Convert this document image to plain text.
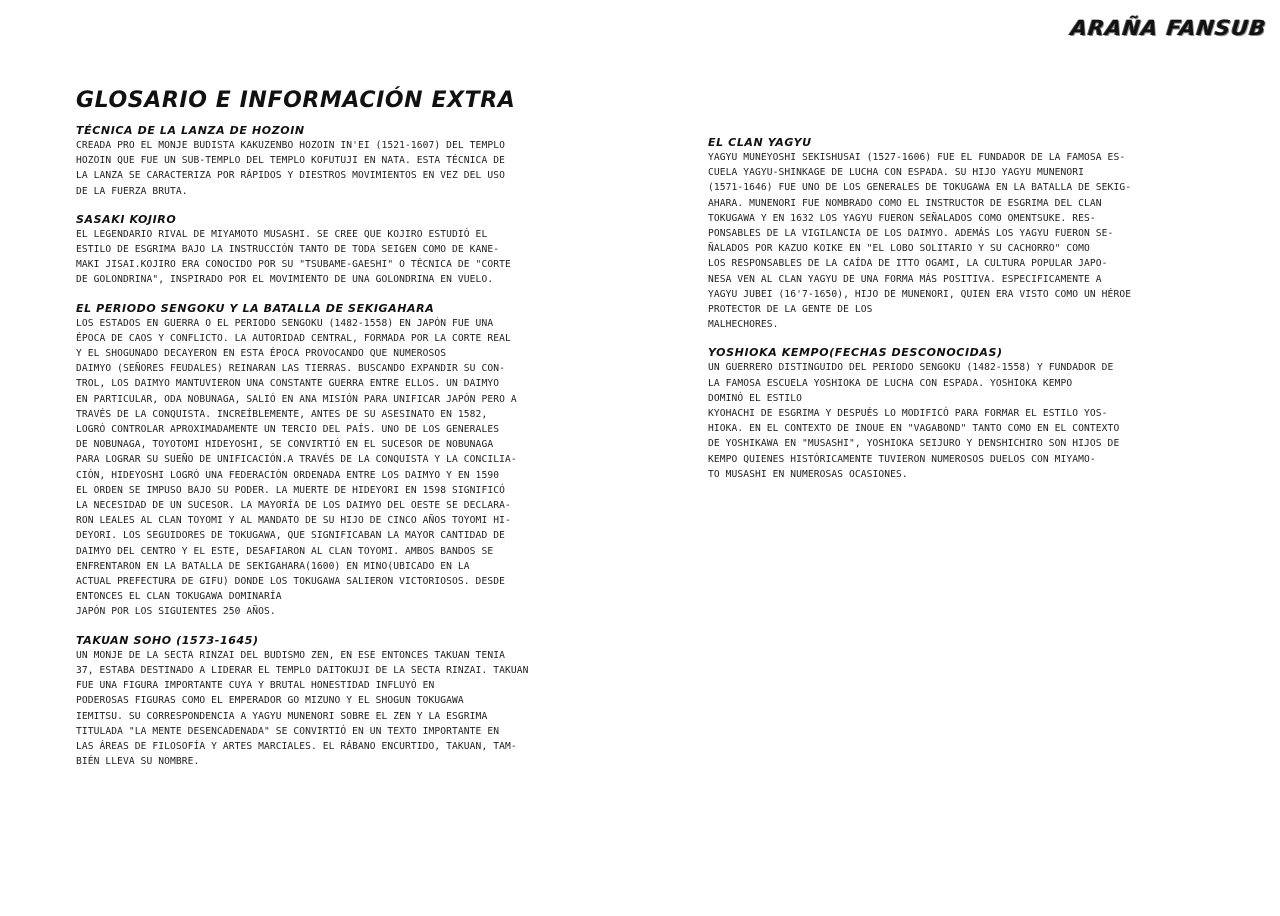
ARAÑA FANSUB
GLOSARIO E INFORMACIÓN EXTRA
TÉCNICA DE LA LANZA DE HOZOIN

CREADA PRO EL MONJE BUDISTA KAKUZENBO HOZOIN IN'EI (1521-1607) DEL TEMPLO
HOZOIN QUE FUE UN SUB-TEMPLO DEL TEMPLO KOFUTUJI EN NATA. ESTA TÉCNICA DE
LA LANZA SE CARACTERIZA POR RÁPIDOS Y DIESTROS MOVIMIENTOS EN VEZ DEL USO
DE LA FUERZA BRUTA.

SASAKI KOJIRO

EL LEGENDARIO RIVAL DE MIYAMOTO MUSASHI. SE CREE QUE KOJIRO ESTUDIÓ EL
ESTILO DE ESGRIMA BAJO LA INSTRUCCIÓN TANTO DE TODA SEIGEN COMO DE KANE-
MAKI JISAI.KOJIRO ERA CONOCIDO POR SU "TSUBAME-GAESHI" O TÉCNICA DE "CORTE
DE GOLONDRINA", INSPIRADO POR EL MOVIMIENTO DE UNA GOLONDRINA EN VUELO.

EL PERIODO SENGOKU Y LA BATALLA DE SEKIGAHARA

LOS ESTADOS EN GUERRA O EL PERIODO SENGOKU (1482-1558) EN JAPÓN FUE UNA
ÉPOCA DE CAOS Y CONFLICTO. LA AUTORIDAD CENTRAL, FORMADA POR LA CORTE REAL
Y EL SHOGUNADO DECAYERON EN ESTA ÉPOCA PROVOCANDO QUE NUMEROSOS
DAIMYO (SEÑORES FEUDALES) REINARAN LAS TIERRAS. BUSCANDO EXPANDIR SU CON-
TROL, LOS DAIMYO MANTUVIERON UNA CONSTANTE GUERRA ENTRE ELLOS. UN DAIMYO
EN PARTICULAR, ODA NOBUNAGA, SALIÓ EN ANA MISIÓN PARA UNIFICAR JAPÓN PERO A
TRAVÉS DE LA CONQUISTA. INCREÍBLEMENTE, ANTES DE SU ASESINATO EN 1582,
LOGRÓ CONTROLAR APROXIMADAMENTE UN TERCIO DEL PAÍS. UNO DE LOS GENERALES
DE NOBUNAGA, TOYOTOMI HIDEYOSHI, SE CONVIRTIÓ EN EL SUCESOR DE NOBUNAGA
PARA LOGRAR SU SUEÑO DE UNIFICACIÓN.A TRAVÉS DE LA CONQUISTA Y LA CONCILIA-
CIÓN, HIDEYOSHI LOGRÓ UNA FEDERACIÓN ORDENADA ENTRE LOS DAIMYO Y EN 1590
EL ORDEN SE IMPUSO BAJO SU PODER. LA MUERTE DE HIDEYORI EN 1598 SIGNIFICÓ
LA NECESIDAD DE UN SUCESOR. LA MAYORÍA DE LOS DAIMYO DEL OESTE SE DECLARA-
RON LEALES AL CLAN TOYOMI Y AL MANDATO DE SU HIJO DE CINCO AÑOS TOYOMI HI-
DEYORI. LOS SEGUIDORES DE TOKUGAWA, QUE SIGNIFICABAN LA MAYOR CANTIDAD DE
DAIMYO DEL CENTRO Y EL ESTE, DESAFIARON AL CLAN TOYOMI. AMBOS BANDOS SE
ENFRENTARON EN LA BATALLA DE SEKIGAHARA(1600) EN MINO(UBICADO EN LA
ACTUAL PREFECTURA DE GIFU) DONDE LOS TOKUGAWA SALIERON VICTORIOSOS. DESDE
ENTONCES EL CLAN TOKUGAWA DOMINARÍA
JAPÓN POR LOS SIGUIENTES 250 AÑOS.

TAKUAN SOHO (1573-1645)

UN MONJE DE LA SECTA RINZAI DEL BUDISMO ZEN, EN ESE ENTONCES TAKUAN TENIA
37, ESTABA DESTINADO A LIDERAR EL TEMPLO DAITOKUJI DE LA SECTA RINZAI. TAKUAN
FUE UNA FIGURA IMPORTANTE CUYA Y BRUTAL HONESTIDAD INFLUYÓ EN
PODEROSAS FIGURAS COMO EL EMPERADOR GO MIZUNO Y EL SHOGUN TOKUGAWA
IEMITSU. SU CORRESPONDENCIA A YAGYU MUNENORI SOBRE EL ZEN Y LA ESGRIMA
TITULADA "LA MENTE DESENCADENADA" SE CONVIRTIÓ EN UN TEXTO IMPORTANTE EN
LAS ÁREAS DE FILOSOFÍA Y ARTES MARCIALES. EL RÁBANO ENCURTIDO, TAKUAN, TAM-
BIÉN LLEVA SU NOMBRE.

EL CLAN YAGYU

YAGYU MUNEYOSHI SEKISHUSAI (1527-1606) FUE EL FUNDADOR DE LA FAMOSA ES-
CUELA YAGYU-SHINKAGE DE LUCHA CON ESPADA. SU HIJO YAGYU MUNENORI
(1571-1646) FUE UNO DE LOS GENERALES DE TOKUGAWA EN LA BATALLA DE SEKIG-
AHARA. MUNENORI FUE NOMBRADO COMO EL INSTRUCTOR DE ESGRIMA DEL CLAN
TOKUGAWA Y EN 1632 LOS YAGYU FUERON SEÑALADOS COMO OMENTSUKE. RES-
PONSABLES DE LA VIGILANCIA DE LOS DAIMYO. ADEMÁS LOS YAGYU FUERON SE-
ÑALADOS POR KAZUO KOIKE EN "EL LOBO SOLITARIO Y SU CACHORRO" COMO
LOS RESPONSABLES DE LA CAÍDA DE ITTO OGAMI, LA CULTURA POPULAR JAPO-
NESA VEN AL CLAN YAGYU DE UNA FORMA MÁS POSITIVA. ESPECIFICAMENTE A
YAGYU JUBEI (16'7-1650), HIJO DE MUNENORI, QUIEN ERA VISTO COMO UN HÉROE
PROTECTOR DE LA GENTE DE LOS
MALHECHORES.

YOSHIOKA KEMPO(FECHAS DESCONOCIDAS)

UN GUERRERO DISTINGUIDO DEL PERIODO SENGOKU (1482-1558) Y FUNDADOR DE
LA FAMOSA ESCUELA YOSHIOKA DE LUCHA CON ESPADA. YOSHIOKA KEMPO
DOMINÓ EL ESTILO
KYOHACHI DE ESGRIMA Y DESPUÉS LO MODIFICÓ PARA FORMAR EL ESTILO YOS-
HIOKA. EN EL CONTEXTO DE INOUE EN "VAGABOND" TANTO COMO EN EL CONTEXTO
DE YOSHIKAWA EN "MUSASHI", YOSHIOKA SEIJURO Y DENSHICHIRO SON HIJOS DE
KEMPO QUIENES HISTÓRICAMENTE TUVIERON NUMEROSOS DUELOS CON MIYAMO-
TO MUSASHI EN NUMEROSAS OCASIONES.
